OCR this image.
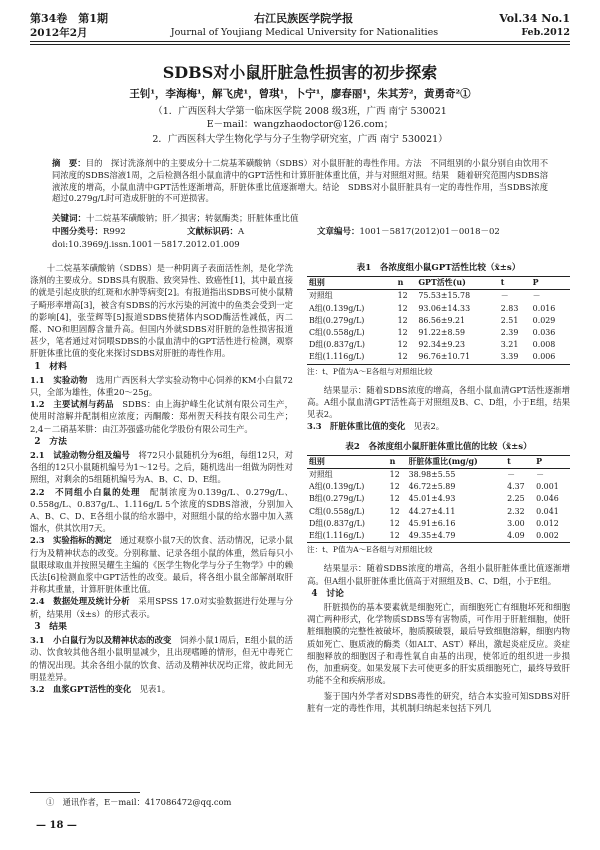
第34卷　第1期	右江民族医学院学报	Vol.34 No.1
2012年2月	Journal of Youjiang Medical University for Nationalities	Feb.2012
SDBS对小鼠肝脏急性损害的初步探索
王钊¹，李海梅¹，解飞虎¹，曾琪¹，卜宁¹，廖春丽¹，朱其芳²，黄勇奇²①
（1．广西医科大学第一临床医学院 2008 级3班，广西 南宁 530021
E－mail：wangzhaodoctor@126.com；
2．广西医科大学生物化学与分子生物学研究室，广西 南宁 530021）
摘　要：目的　探讨洗涤剂中的主要成分十二烷基苯磺酸钠（SDBS）对小鼠肝脏的毒性作用。方法　不同组别的小鼠分别自由饮用不同浓度的SDBS溶液1周，之后检测各组小鼠血清中的GPT活性和计算肝脏体重比值，并与对照组对照。结果　随着研究范围内SDBS溶液浓度的增高，小鼠血清中GPT活性逐渐增高，肝脏体重比值逐渐增大。结论　SDBS对小鼠肝脏具有一定的毒性作用，当SDBS浓度超过0.279g/L时可造成肝脏的不可逆损害。
关键词： 十二烷基苯磺酸钠；肝／损害；转氨酶类；肝脏体重比值
中图分类号：R992	文献标识码：A	文章编号：1001－5817(2012)01－0018－02
doi:10.3969/j.issn.1001－5817.2012.01.009

十二烷基苯磺酸钠（SDBS）是一种阴离子表面活性剂，是化学洗涤剂的主要成分。SDBS具有脱脂、致突异性、致癌性[1]，其中最直接的就是引起皮肤的红斑和水肿等病变[2]。有报道指出SDBS可使小鼠精子畸形率增高[3]，被含有SDBS的污水污染的河流中的鱼类会受到一定的影响[4]，张莹辉等[5]报道SDBS使猪体内SOD酶活性减低，丙二醛、NO和胆固醇含量升高。但国内外就SDBS对肝脏的急性损害报道甚少，笔者通过对饲喂SDBS的小鼠血清中的GPT活性进行检测，观察肝脏体重比值的变化来探讨SDBS对肝脏的毒性作用。

1　材料

1.1　实验动物　 选用广西医科大学实验动物中心饲养的KM小白鼠72只，全部为雄性，体重20～25g。

1.2　主要试剂与药品　 SDBS：由上海护峰生化试剂有限公司生产，使用时溶解并配制相应浓度；丙酮酸：郑州贺天科技有限公司生产；2,4－二硝基苯肼：由江苏强盛功能化学股份有限公司生产。

2　方法

2.1　试验动物分组及编号　 将72只小鼠随机分为6组，每组12只，对各组的12只小鼠随机编号为1～12号。之后，随机选出一组做为阴性对照组，对剩余的5组随机编号为A、B、C、D、E组。

2.2　不同组小白鼠的处理　 配制浓度为0.139g/L、0.279g/L、0.558g/L、0.837g/L、1.116g/L 5个浓度的SDBS溶液，分别加入A、B、C、D、E各组小鼠的给水器中，对照组小鼠的给水器中加入蒸馏水，供其饮用7天。

2.3　实验指标的测定　 通过观察小鼠7天的饮食、活动情况，记录小鼠行为及精神状态的改变。分别称量、记录各组小鼠的体重，然后每只小鼠眼球取血并按照吴耀生主编的《医学生物化学与分子生物学》中的赖氏法[6]检测血浆中GPT活性的改变。最后，将各组小鼠全部解剖取肝并称其重量，计算肝脏体重比值。

2.4　数据处理及统计分析　 采用SPSS 17.0对实验数据进行处理与分析，结果用（x̄±s）的形式表示。

3　结果

3.1　小白鼠行为以及精神状态的改变　 饲养小鼠1周后，E组小鼠的活动、饮食较其他各组小鼠明显减少，且出现嗜睡的情形，但无中毒死亡的情况出现。其余各组小鼠的饮食、活动及精神状况均正常，彼此间无明显差异。

3.2　血浆GPT活性的变化　 见表1。

表1　各浓度组小鼠GPT活性比较（x̄±s）
组别	n	GPT活性(u)	t	P
对照组	12	75.53±15.78	－	－
A组(0.139g/L)	12	93.06±14.33	2.83	0.016
B组(0.279g/L)	12	86.56±9.21	2.51	0.029
C组(0.558g/L)	12	91.22±8.59	2.39	0.036
D组(0.837g/L)	12	92.34±9.23	3.21	0.008
E组(1.116g/L)	12	96.76±10.71	3.39	0.006
注：t、P值为A～E各组与对照组比较

结果显示：随着SDBS浓度的增高，各组小鼠血清GPT活性逐渐增高。A组小鼠血清GPT活性高于对照组及B、C、D组，小于E组，结果见表2。

3.3　肝脏体重比值的变化　 见表2。

表2　各浓度组小鼠肝脏体重比值的比较（x̄±s）
组别	n	肝脏体重比(mg/g)	t	P
对照组	12	38.98±5.55	－	－
A组(0.139g/L)	12	46.72±5.89	4.37	0.001
B组(0.279g/L)	12	45.01±4.93	2.25	0.046
C组(0.558g/L)	12	44.27±4.11	2.32	0.041
D组(0.837g/L)	12	45.91±6.16	3.00	0.012
E组(1.116g/L)	12	49.35±4.79	4.09	0.002
注：t、P值为A～E各组与对照组比较

结果显示：随着SDBS浓度的增高，各组小鼠肝脏体重比值逐渐增高。但A组小鼠肝脏体重比值高于对照组及B、C、D组，小于E组。

4　讨论

肝脏损伤的基本要素就是细胞死亡，而细胞死亡有细胞坏死和细胞凋亡两种形式，化学物质SDBS等有害物质，可作用于肝脏细胞，使肝脏细胞膜的完整性被破坏，胞质膜破裂，最后导致细胞溶解，细胞内物质如死亡、胞质液的酶类（如ALT、AST）释出，激起炎症反应。炎症细胞释放的细胞因子和毒性氧自由基的出现，使邻近的组织进一步损伤，加重病变。如果发展下去可使更多的肝实质细胞死亡，最终导致肝功能不全和疾病形成。

鉴于国内外学者对SDBS毒性的研究，结合本实验可知SDBS对肝脏有一定的毒性作用，其机制归纳起来包括下列几

①　通讯作者，E－mail：417086472@qq.com
— 18 —
